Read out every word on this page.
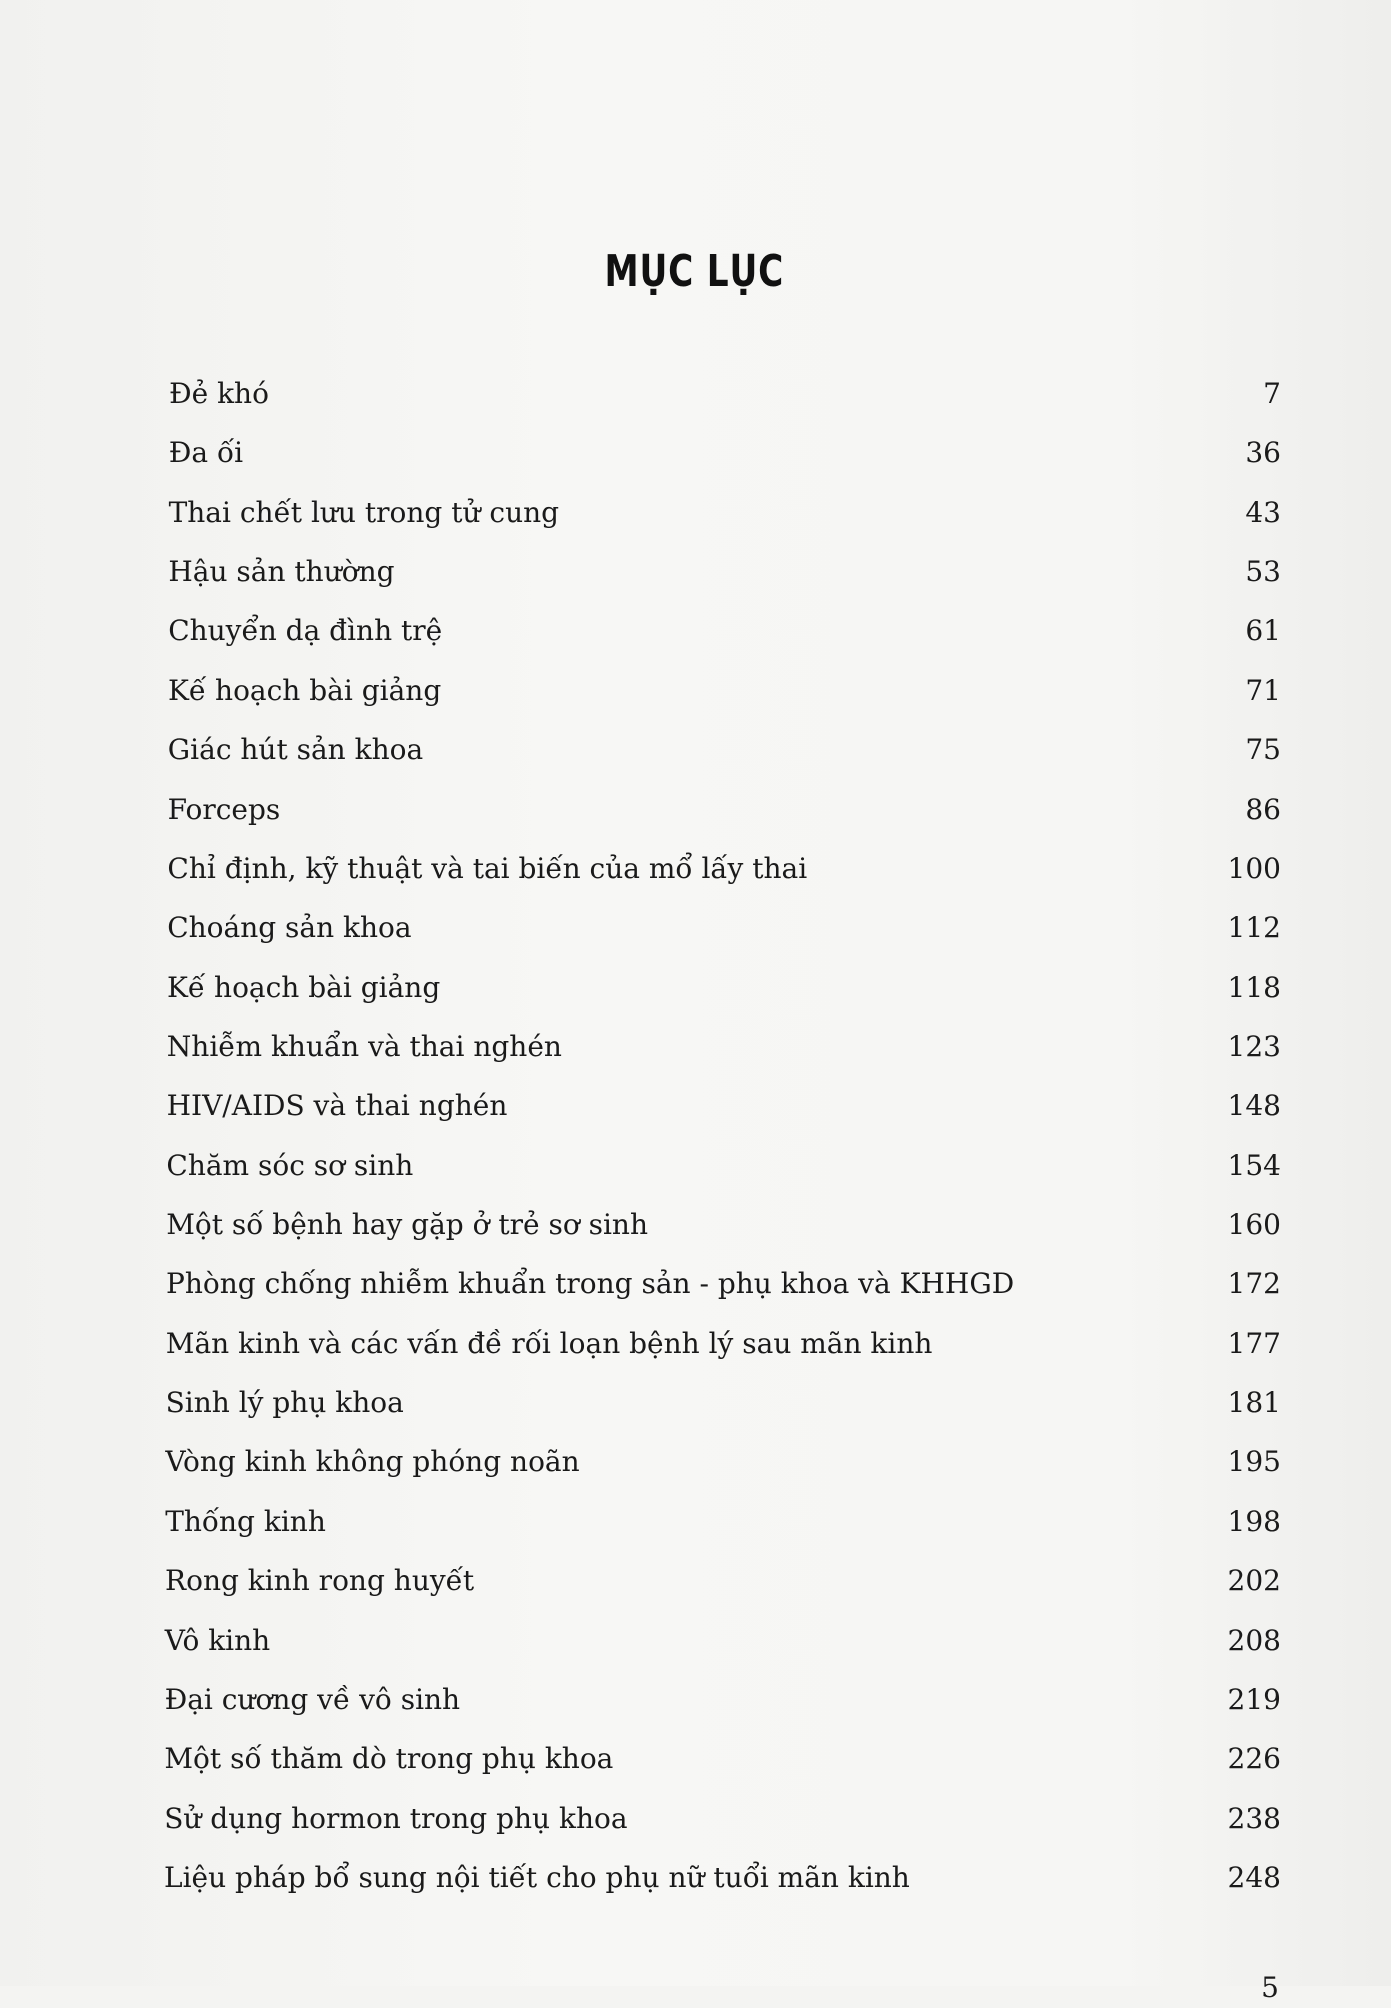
MỤC LỤC
Đẻ khó	7
Đa ối	36
Thai chết lưu trong tử cung	43
Hậu sản thường	53
Chuyển dạ đình trệ	61
Kế hoạch bài giảng	71
Giác hút sản khoa	75
Forceps	86
Chỉ định, kỹ thuật và tai biến của mổ lấy thai	100
Choáng sản khoa	112
Kế hoạch bài giảng	118
Nhiễm khuẩn và thai nghén	123
HIV/AIDS và thai nghén	148
Chăm sóc sơ sinh	154
Một số bệnh hay gặp ở trẻ sơ sinh	160
Phòng chống nhiễm khuẩn trong sản - phụ khoa và KHHGD	172
Mãn kinh và các vấn đề rối loạn bệnh lý sau mãn kinh	177
Sinh lý phụ khoa	181
Vòng kinh không phóng noãn	195
Thống kinh	198
Rong kinh rong huyết	202
Vô kinh	208
Đại cương về vô sinh	219
Một số thăm dò trong phụ khoa	226
Sử dụng hormon trong phụ khoa	238
Liệu pháp bổ sung nội tiết cho phụ nữ tuổi mãn kinh	248
5
